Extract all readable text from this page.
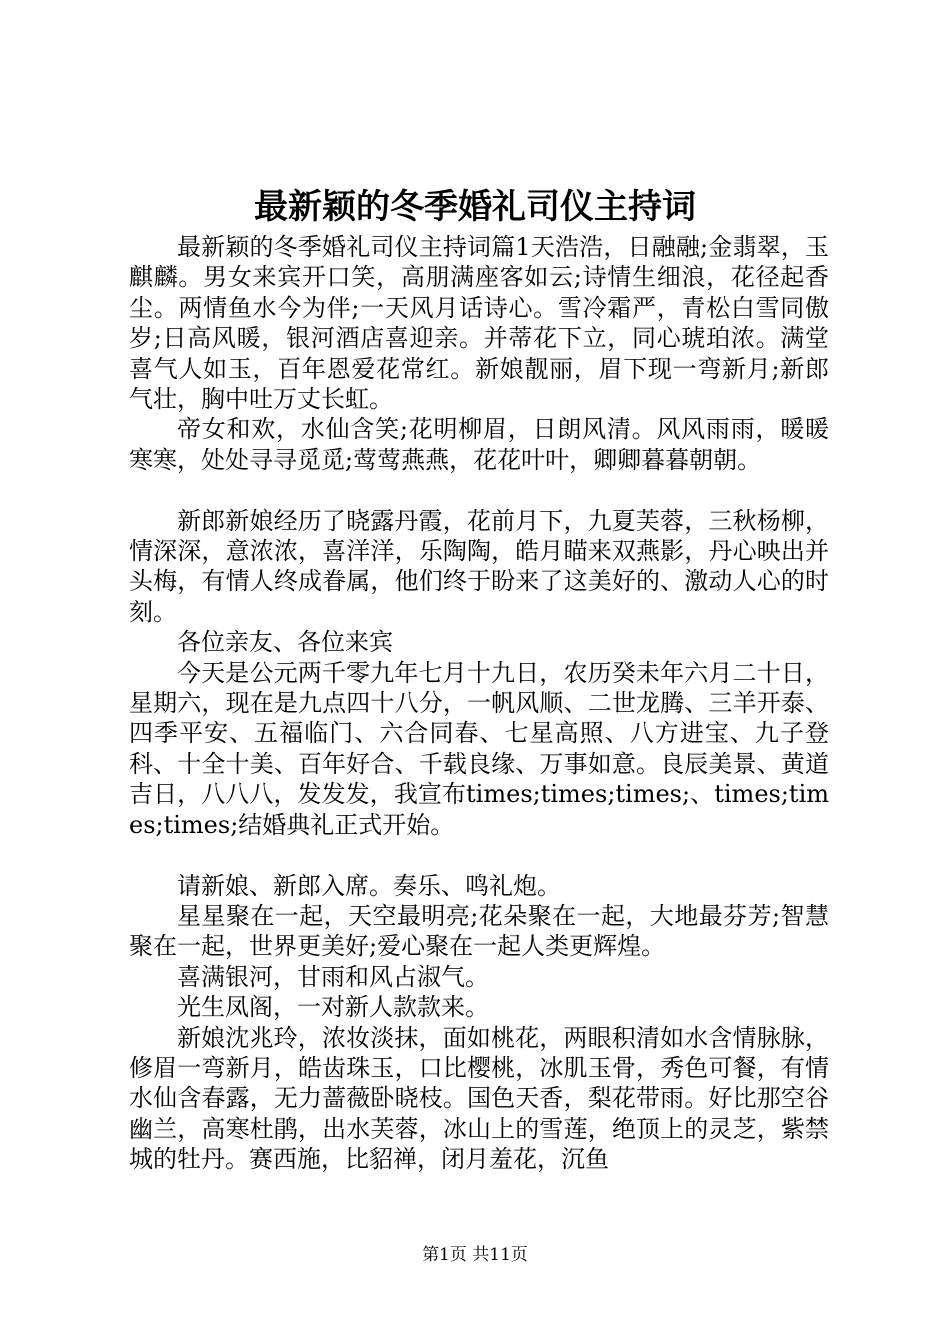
最新颖的冬季婚礼司仪主持词

最新颖的冬季婚礼司仪主持词篇1天浩浩，日融融;金翡翠，玉麒麟。男女来宾开口笑，高朋满座客如云;诗情生细浪，花径起香尘。两情鱼水今为伴;一天风月话诗心。雪冷霜严，青松白雪同傲岁;日高风暖，银河酒店喜迎亲。并蒂花下立，同心琥珀浓。满堂喜气人如玉，百年恩爱花常红。新娘靓丽，眉下现一弯新月;新郎气壮，胸中吐万丈长虹。

帝女和欢，水仙含笑;花明柳眉，日朗风清。风风雨雨，暖暖寒寒，处处寻寻觅觅;莺莺燕燕，花花叶叶，卿卿暮暮朝朝。

新郎新娘经历了晓露丹霞，花前月下，九夏芙蓉，三秋杨柳，情深深，意浓浓，喜洋洋，乐陶陶，皓月瞄来双燕影，丹心映出并头梅，有情人终成眷属，他们终于盼来了这美好的、激动人心的时刻。

各位亲友、各位来宾

今天是公元两千零九年七月十九日，农历癸未年六月二十日，星期六，现在是九点四十八分，一帆风顺、二世龙腾、三羊开泰、四季平安、五福临门、六合同春、七星高照、八方进宝、九子登科、十全十美、百年好合、千载良缘、万事如意。良辰美景、黄道吉日，八八八，发发发，我宣布times;times;times;、times;times;times;结婚典礼正式开始。

请新娘、新郎入席。奏乐、鸣礼炮。

星星聚在一起，天空最明亮;花朵聚在一起，大地最芬芳;智慧聚在一起，世界更美好;爱心聚在一起人类更辉煌。

喜满银河，甘雨和风占淑气。

光生凤阁，一对新人款款来。

新娘沈兆玲，浓妆淡抹，面如桃花，两眼积清如水含情脉脉，修眉一弯新月，皓齿珠玉，口比樱桃，冰肌玉骨，秀色可餐，有情水仙含春露，无力蔷薇卧晓枝。国色天香，梨花带雨。好比那空谷幽兰，高寒杜鹃，出水芙蓉，冰山上的雪莲，绝顶上的灵芝，紫禁城的牡丹。赛西施，比貂禅，闭月羞花，沉鱼

第1页 共11页
